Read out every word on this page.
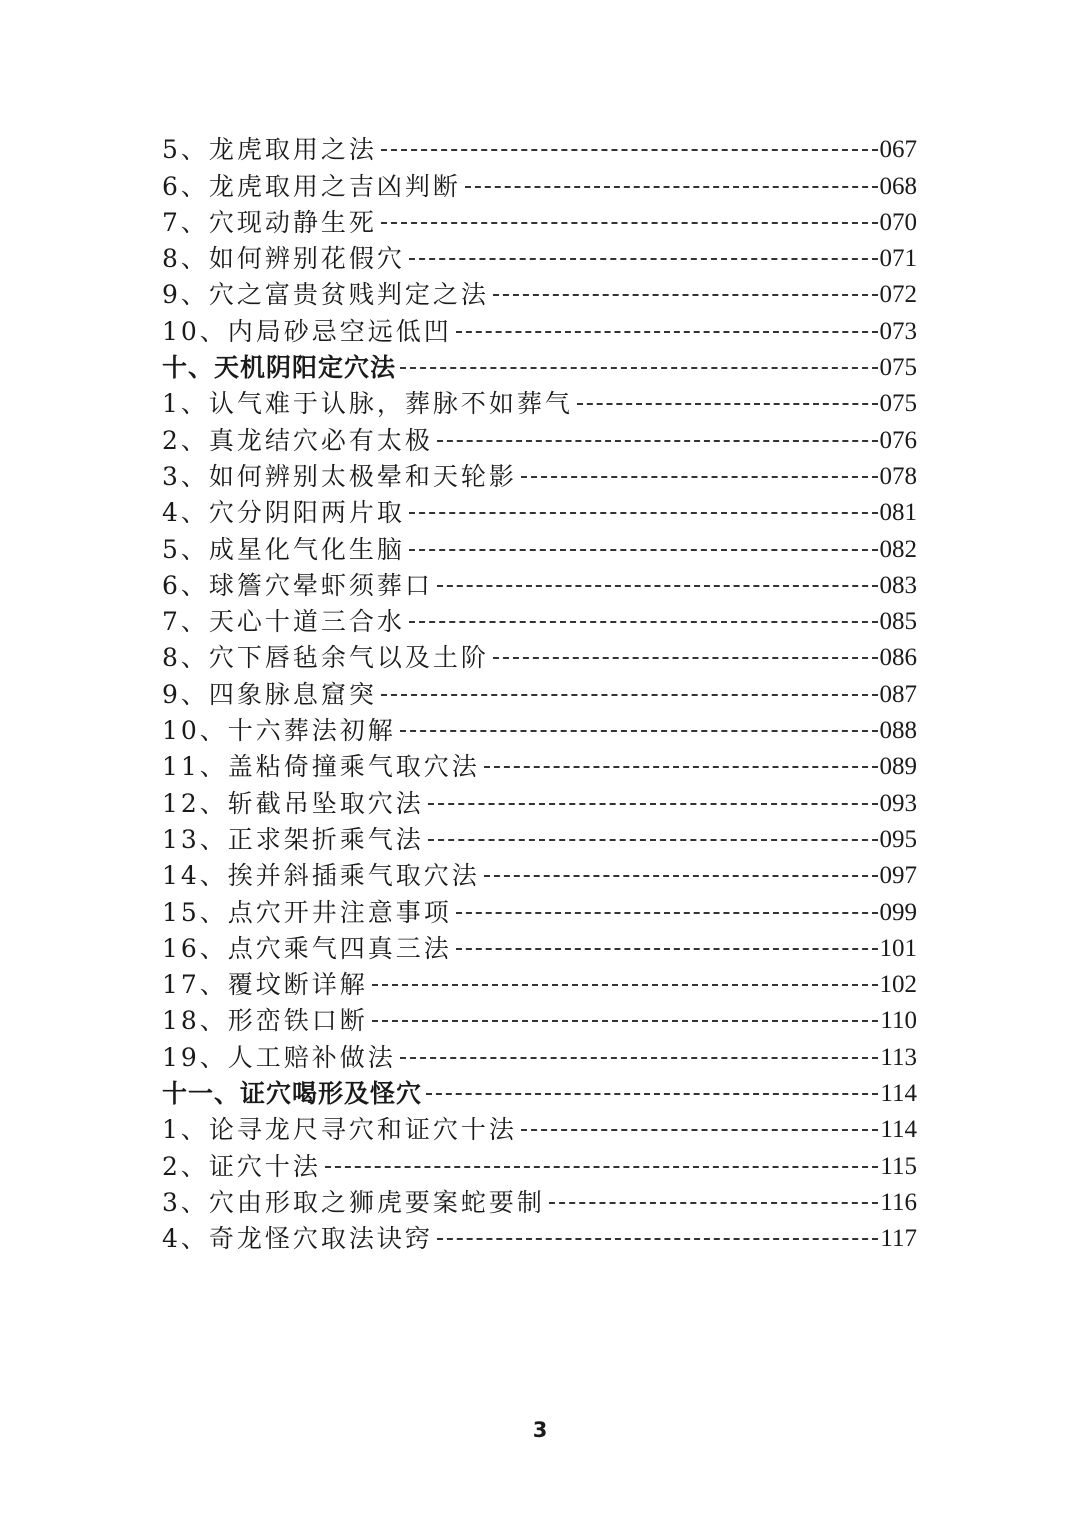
5、龙虎取用之法	067
6、龙虎取用之吉凶判断	068
7、穴现动静生死	070
8、如何辨别花假穴	071
9、穴之富贵贫贱判定之法	072
10、内局砂忌空远低凹	073
十、天机阴阳定穴法	075
1、认气难于认脉，葬脉不如葬气	075
2、真龙结穴必有太极	076
3、如何辨别太极晕和天轮影	078
4、穴分阴阳两片取	081
5、成星化气化生脑	082
6、球簷穴晕虾须葬口	083
7、天心十道三合水	085
8、穴下唇毡余气以及土阶	086
9、四象脉息窟突	087
10、十六葬法初解	088
11、盖粘倚撞乘气取穴法	089
12、斩截吊坠取穴法	093
13、正求架折乘气法	095
14、挨并斜插乘气取穴法	097
15、点穴开井注意事项	099
16、点穴乘气四真三法	101
17、覆坟断详解	102
18、形峦铁口断	110
19、人工赔补做法	113
十一、证穴喝形及怪穴	114
1、论寻龙尺寻穴和证穴十法	114
2、证穴十法	115
3、穴由形取之狮虎要案蛇要制	116
4、奇龙怪穴取法诀窍	117
3
